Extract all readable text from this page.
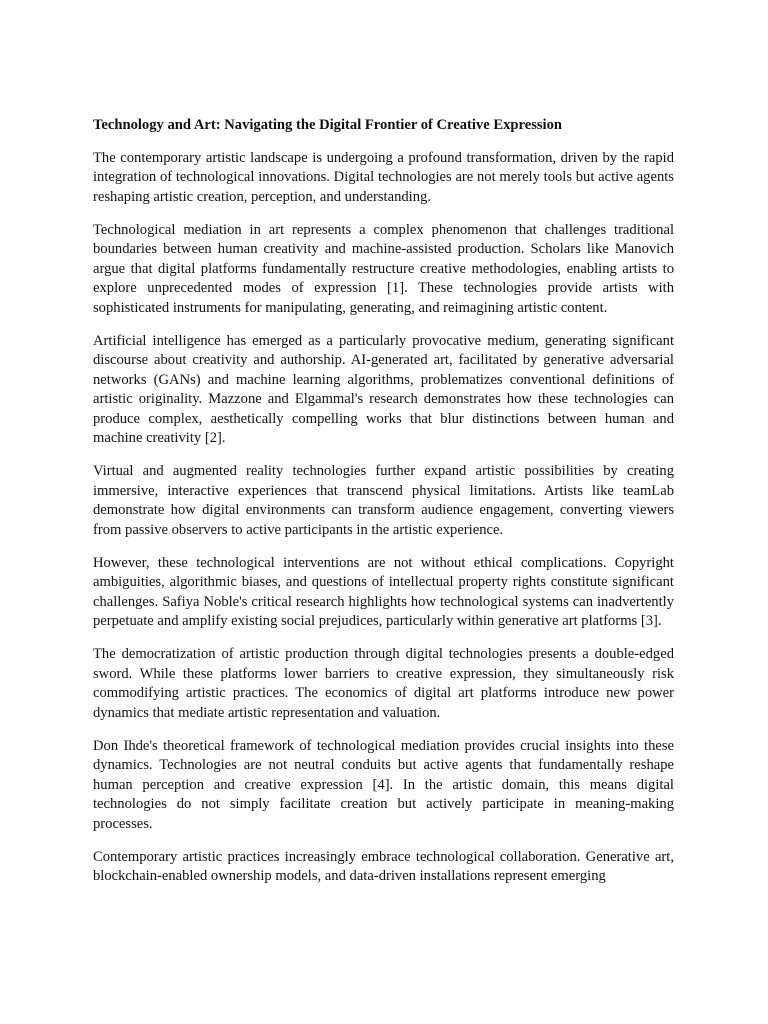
Technology and Art: Navigating the Digital Frontier of Creative Expression

The contemporary artistic landscape is undergoing a profound transformation, driven by the rapid integration of technological innovations. Digital technologies are not merely tools but active agents reshaping artistic creation, perception, and understanding.

Technological mediation in art represents a complex phenomenon that challenges traditional boundaries between human creativity and machine-assisted production. Scholars like Manovich argue that digital platforms fundamentally restructure creative methodologies, enabling artists to explore unprecedented modes of expression [1]. These technologies provide artists with sophisticated instruments for manipulating, generating, and reimagining artistic content.

Artificial intelligence has emerged as a particularly provocative medium, generating significant discourse about creativity and authorship. AI-generated art, facilitated by generative adversarial networks (GANs) and machine learning algorithms, problematizes conventional definitions of artistic originality. Mazzone and Elgammal's research demonstrates how these technologies can produce complex, aesthetically compelling works that blur distinctions between human and machine creativity [2].

Virtual and augmented reality technologies further expand artistic possibilities by creating immersive, interactive experiences that transcend physical limitations. Artists like teamLab demonstrate how digital environments can transform audience engagement, converting viewers from passive observers to active participants in the artistic experience.

However, these technological interventions are not without ethical complications. Copyright ambiguities, algorithmic biases, and questions of intellectual property rights constitute significant challenges. Safiya Noble's critical research highlights how technological systems can inadvertently perpetuate and amplify existing social prejudices, particularly within generative art platforms [3].

The democratization of artistic production through digital technologies presents a double-edged sword. While these platforms lower barriers to creative expression, they simultaneously risk commodifying artistic practices. The economics of digital art platforms introduce new power dynamics that mediate artistic representation and valuation.

Don Ihde's theoretical framework of technological mediation provides crucial insights into these dynamics. Technologies are not neutral conduits but active agents that fundamentally reshape human perception and creative expression [4]. In the artistic domain, this means digital technologies do not simply facilitate creation but actively participate in meaning-making processes.

Contemporary artistic practices increasingly embrace technological collaboration. Generative art, blockchain-enabled ownership models, and data-driven installations represent emerging
